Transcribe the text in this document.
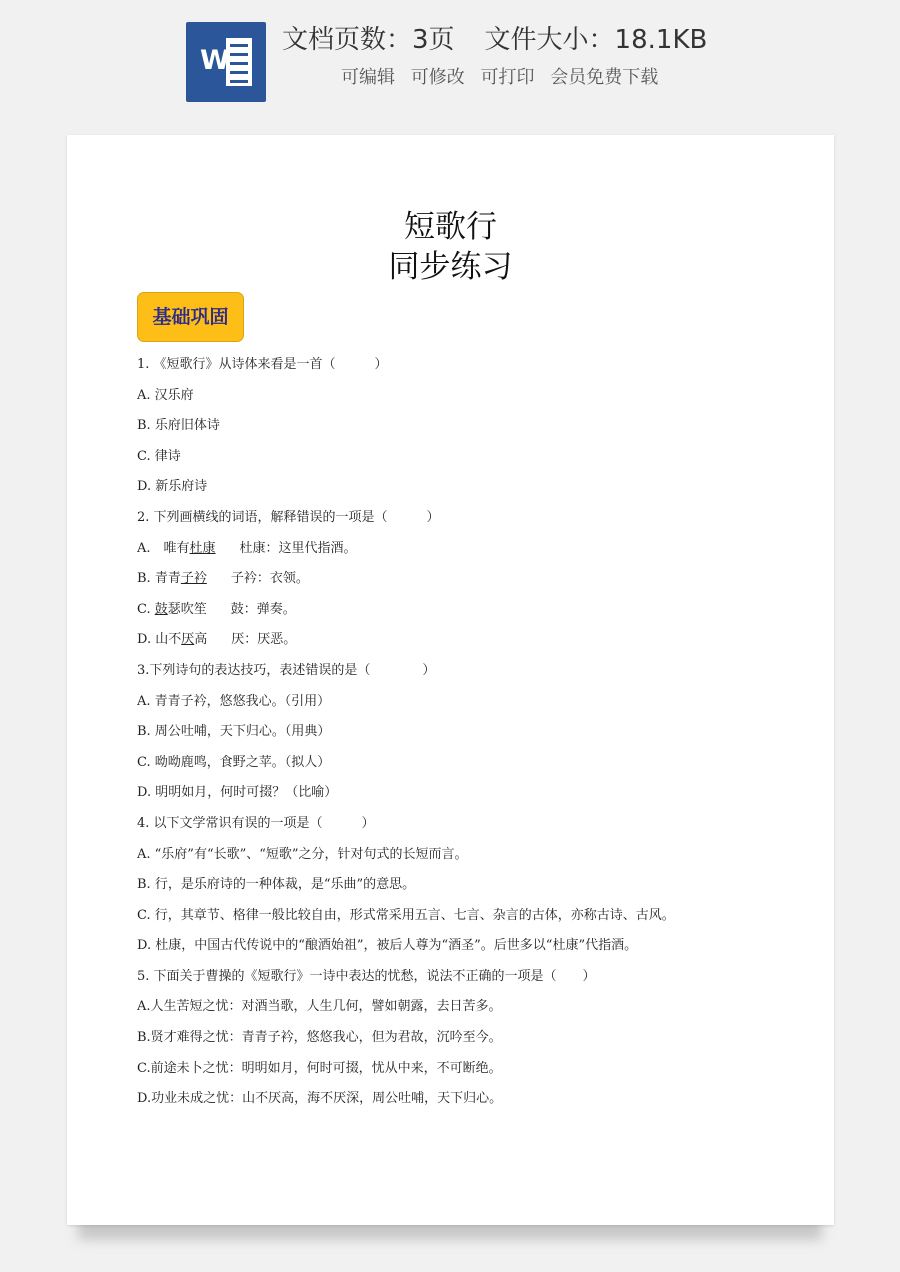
W
文档页数：3页 文件大小：18.1KB
可编辑 可修改 可打印 会员免费下载
短歌行
同步练习
基础巩固
1. 《短歌行》从诗体来看是一首（　　　）
A. 汉乐府
B. 乐府旧体诗
C. 律诗
D. 新乐府诗
2. 下列画横线的词语，解释错误的一项是（　　　）
A.　唯有杜康 杜康：这里代指酒。
B. 青青子衿 子衿：衣领。
C. 鼓瑟吹笙 鼓：弹奏。
D. 山不厌高 厌：厌恶。
3.下列诗句的表达技巧，表述错误的是（　　　　）
A. 青青子衿，悠悠我心。（引用）
B. 周公吐哺，天下归心。（用典）
C. 呦呦鹿鸣，食野之苹。（拟人）
D. 明明如月，何时可掇？（比喻）
4. 以下文学常识有误的一项是（　　　）
A. “乐府”有“长歌”、“短歌”之分，针对句式的长短而言。
B. 行，是乐府诗的一种体裁，是“乐曲”的意思。
C. 行，其章节、格律一般比较自由，形式常采用五言、七言、杂言的古体，亦称古诗、古风。
D. 杜康，中国古代传说中的“酿酒始祖”，被后人尊为“酒圣”。后世多以“杜康”代指酒。
5. 下面关于曹操的《短歌行》一诗中表达的忧愁，说法不正确的一项是（　　）
A.人生苦短之忧：对酒当歌，人生几何，譬如朝露，去日苦多。
B.贤才难得之忧：青青子衿，悠悠我心，但为君故，沉吟至今。
C.前途未卜之忧：明明如月，何时可掇，忧从中来，不可断绝。
D.功业未成之忧：山不厌高，海不厌深，周公吐哺，天下归心。
